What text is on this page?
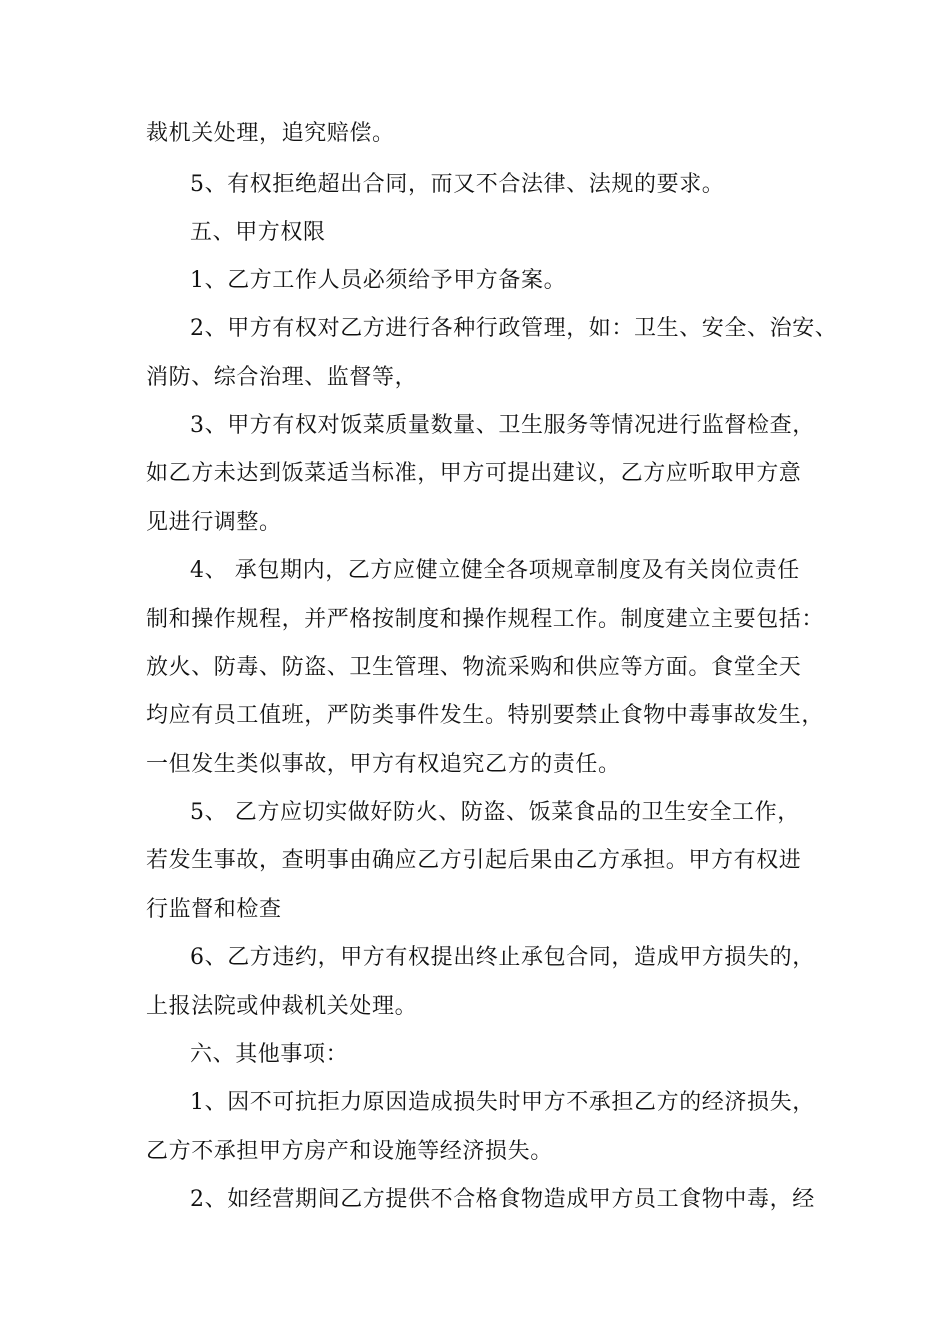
裁机关处理，追究赔偿。
5、有权拒绝超出合同，而又不合法律、法规的要求。
五、甲方权限
1、乙方工作人员必须给予甲方备案。
2、甲方有权对乙方进行各种行政管理，如：卫生、安全、治安、
消防、综合治理、监督等，
3、甲方有权对饭菜质量数量、卫生服务等情况进行监督检查，
如乙方未达到饭菜适当标准，甲方可提出建议，乙方应听取甲方意
见进行调整。
4、 承包期内，乙方应健立健全各项规章制度及有关岗位责任
制和操作规程，并严格按制度和操作规程工作。制度建立主要包括：
放火、防毒、防盗、卫生管理、物流采购和供应等方面。食堂全天
均应有员工值班，严防类事件发生。特别要禁止食物中毒事故发生，
一但发生类似事故，甲方有权追究乙方的责任。
5、 乙方应切实做好防火、防盗、饭菜食品的卫生安全工作，
若发生事故，查明事由确应乙方引起后果由乙方承担。甲方有权进
行监督和检查
6、乙方违约，甲方有权提出终止承包合同，造成甲方损失的，
上报法院或仲裁机关处理。
六、其他事项：
1、因不可抗拒力原因造成损失时甲方不承担乙方的经济损失，
乙方不承担甲方房产和设施等经济损失。
2、如经营期间乙方提供不合格食物造成甲方员工食物中毒，经
